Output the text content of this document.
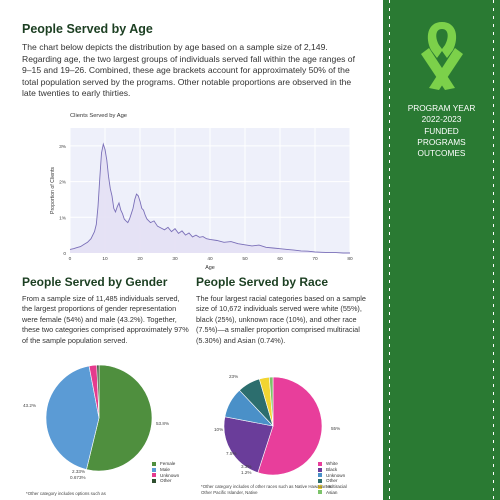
People Served by Age
The chart below depicts the distribution by age based on a sample size of 2,149. Regarding age, the two largest groups of individuals served fall within the age ranges of 9–15 and 19–26. Combined, these age brackets account for approximately 50% of the total population served by the programs. Other notable proportions are observed in the late twenties to early thirties.
Clients Served by Age
0
1%
2%
3%
0	10	20	30	40	50	60	70	80
Age
Proportion of Clients
People Served by Gender
From a sample size of 11,485 individuals served, the largest proportions of gender representation were female (54%) and male (43.2%). Together, these two categories comprised approximately 97% of the sample population served.
People Served by Race
The four largest racial categories based on a sample size of 10,672 individuals served were white (55%), black (25%), unknown race (10%), and other race (7.5%)—a smaller proportion comprised multiracial (5.30%) and Asian (0.74%).
53.8%
43.2%
2.33%
0.673%
Female
Male
Unknown
Other
55%
23%
10%
7.5%
3.3%
1.2%
White
Black
Unknown
Other
Multiracial
Asian
*Other category includes options such as
*Other category includes of other races such as Native Hawaiian or Other Pacific Islander, Native
PROGRAM YEAR
2022-2023
FUNDED
PROGRAMS
OUTCOMES
